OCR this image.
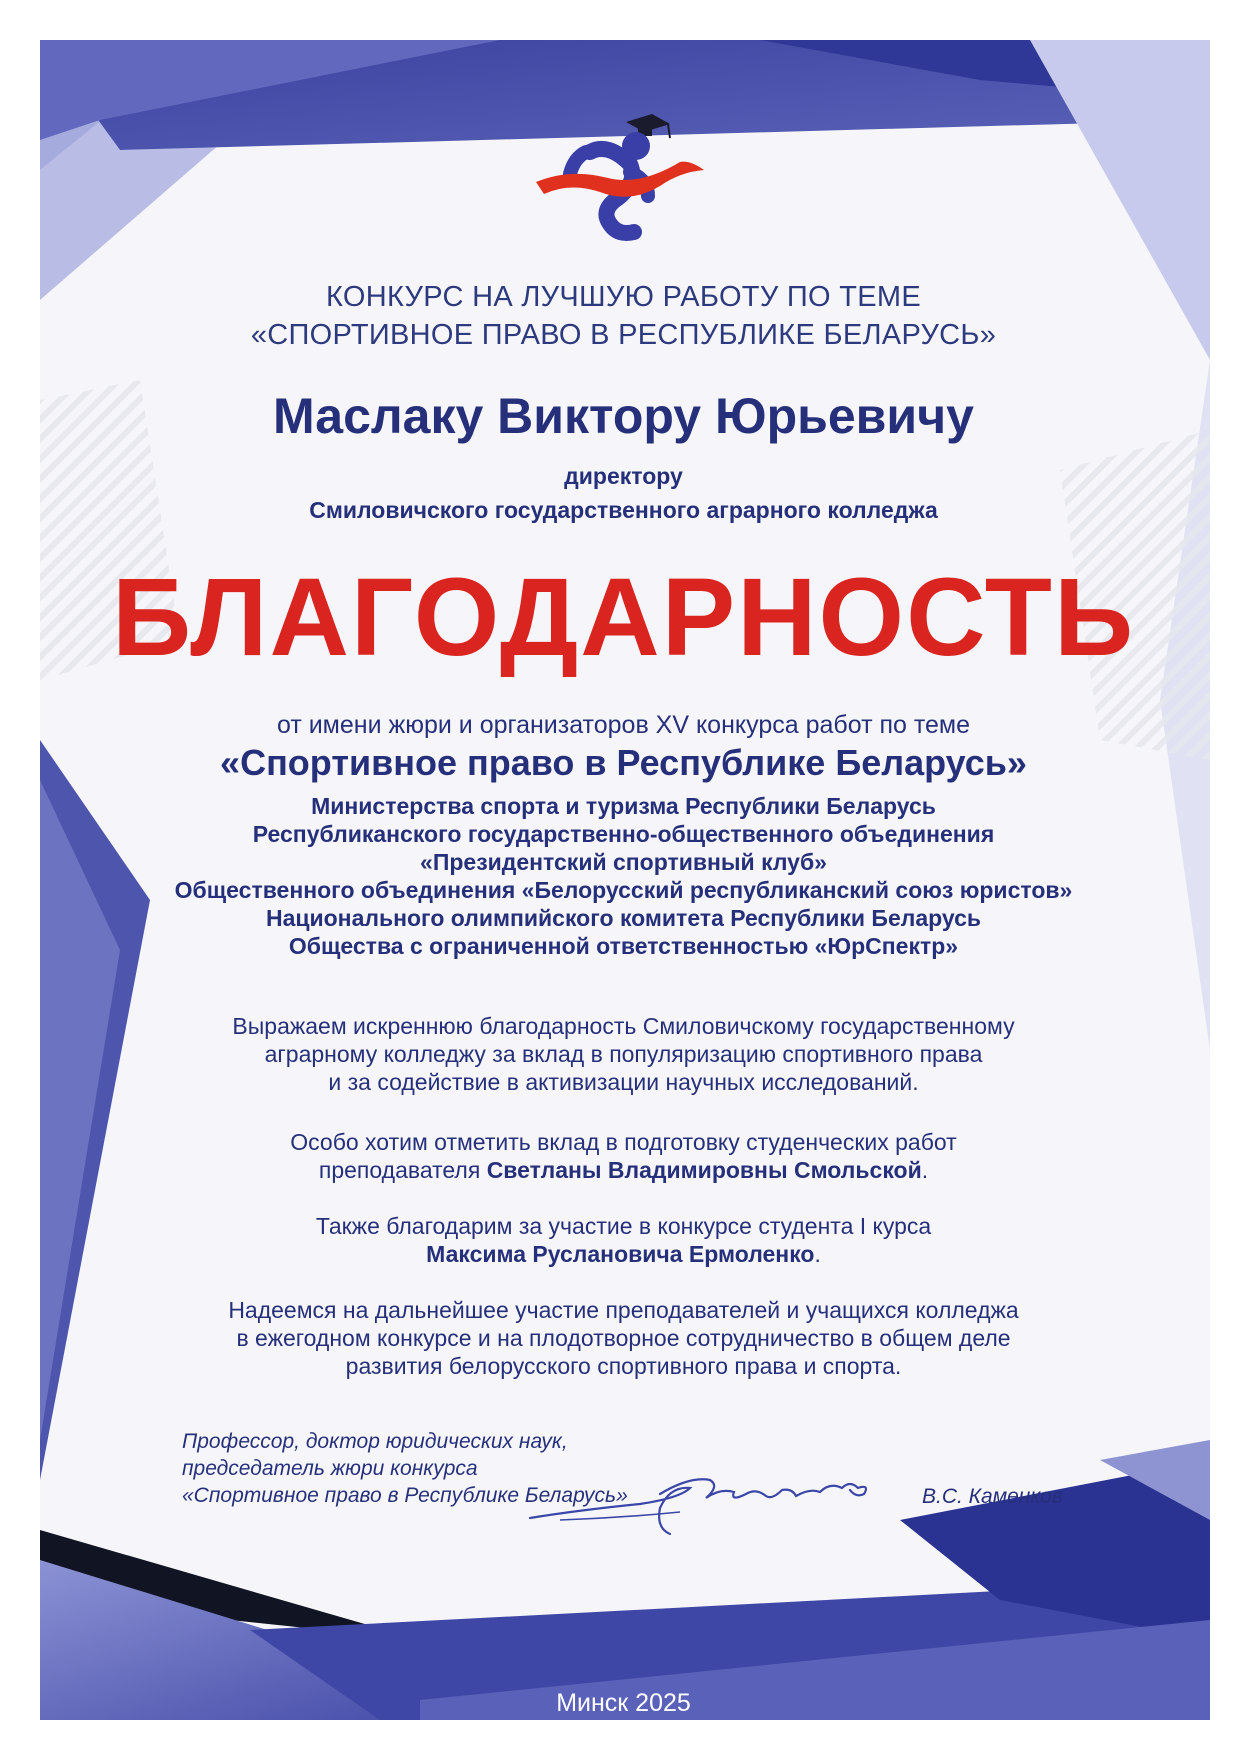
КОНКУРС НА ЛУЧШУЮ РАБОТУ ПО ТЕМЕ
«СПОРТИВНОЕ ПРАВО В РЕСПУБЛИКЕ БЕЛАРУСЬ»
Маслаку Виктору Юрьевичу
директору
Смиловичского государственного аграрного колледжа
БЛАГОДАРНОСТЬ
от имени жюри и организаторов XV конкурса работ по теме
«Спортивное право в Республике Беларусь»
Министерства спорта и туризма Республики Беларусь
Республиканского государственно-общественного объединения
«Президентский спортивный клуб»
Общественного объединения «Белорусский республиканский союз юристов»
Национального олимпийского комитета Республики Беларусь
Общества с ограниченной ответственностью «ЮрСпектр»
Выражаем искреннюю благодарность Смиловичскому государственному
аграрному колледжу за вклад в популяризацию спортивного права
и за содействие в активизации научных исследований.
Особо хотим отметить вклад в подготовку студенческих работ
преподавателя Светланы Владимировны Смольской.
Также благодарим за участие в конкурсе студента I курса
Максима Руслановича Ермоленко.
Надеемся на дальнейшее участие преподавателей и учащихся колледжа
в ежегодном конкурсе и на плодотворное сотрудничество в общем деле
развития белорусского спортивного права и спорта.
Профессор, доктор юридических наук,
председатель жюри конкурса
«Спортивное право в Республике Беларусь»	В.С. Каменков
Минск 2025
